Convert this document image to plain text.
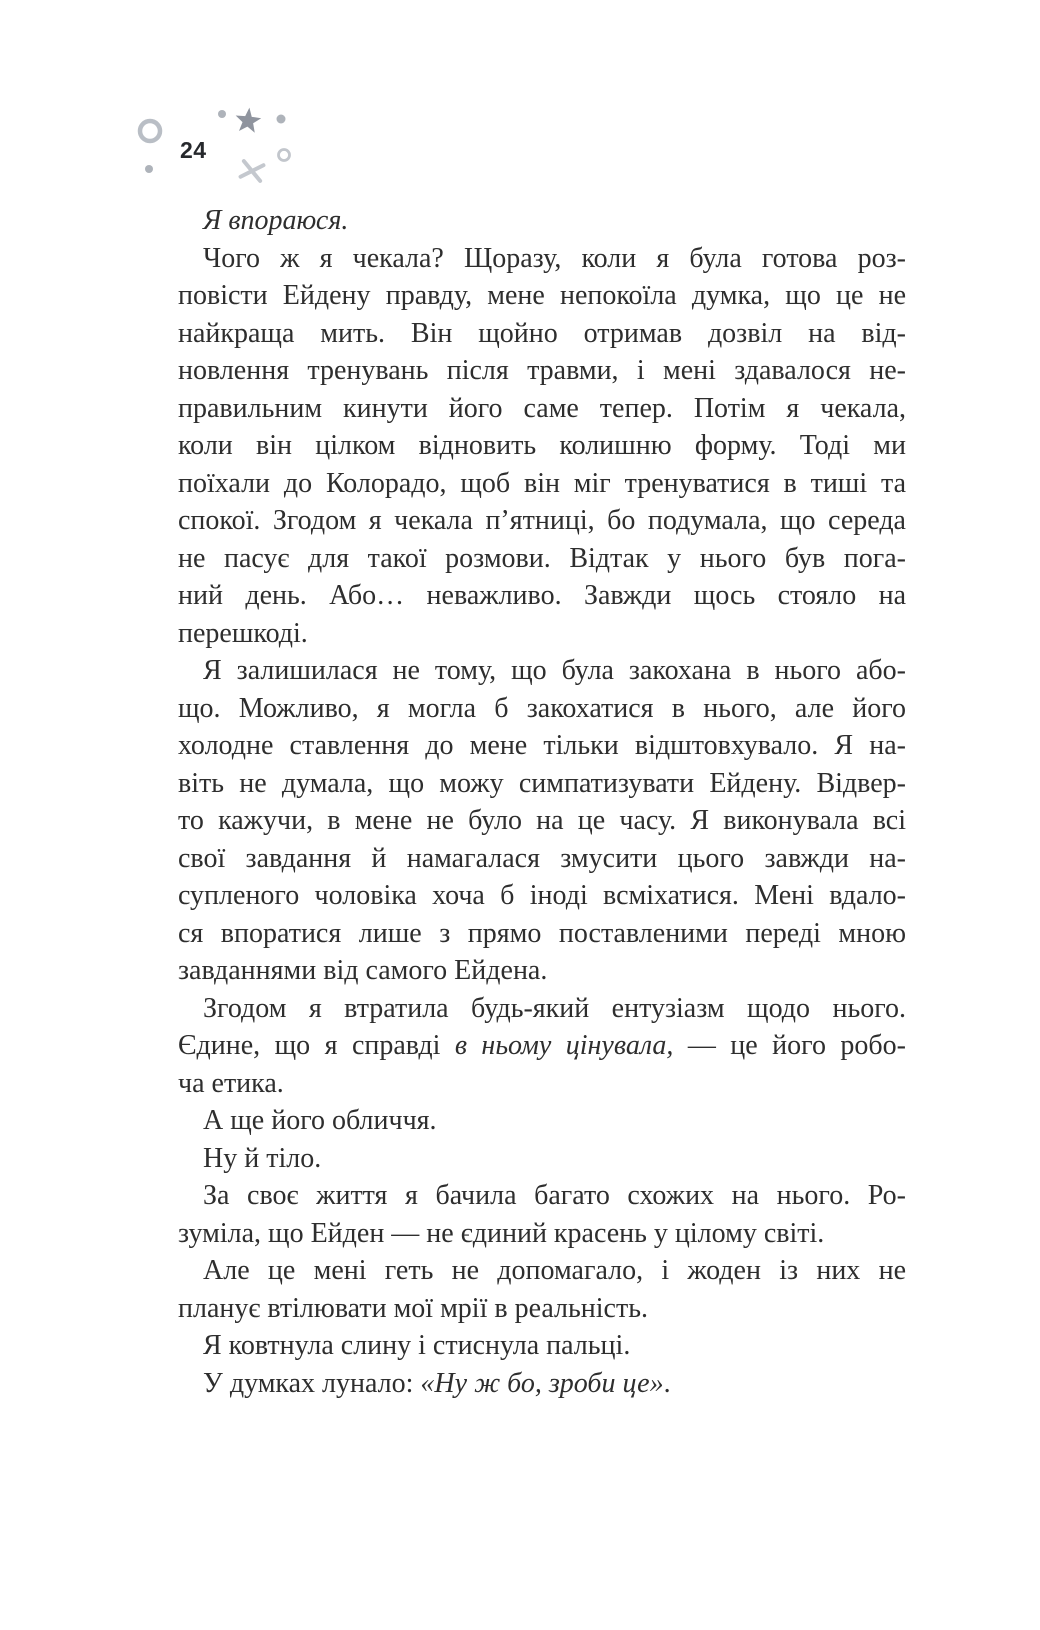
24
Я впораюся.
Чого ж я чекала? Щоразу, коли я була готова роз-
повісти Ейдену правду, мене непокоїла думка, що це не
найкраща мить. Він щойно отримав дозвіл на від-
новлення тренувань після травми, і мені здавалося не-
правильним кинути його саме тепер. Потім я чекала,
коли він цілком відновить колишню форму. Тоді ми
поїхали до Колорадо, щоб він міг тренуватися в тиші та
спокої. Згодом я чекала п’ятниці, бо подумала, що середа
не пасує для такої розмови. Відтак у нього був пога-
ний день. Або… неважливо. Завжди щось стояло на
перешкоді.
Я залишилася не тому, що була закохана в нього або-
що. Можливо, я могла б закохатися в нього, але його
холодне ставлення до мене тільки відштовхувало. Я на-
віть не думала, що можу симпатизувати Ейдену. Відвер-
то кажучи, в мене не було на це часу. Я виконувала всі
свої завдання й намагалася змусити цього завжди на-
супленого чоловіка хоча б іноді всміхатися. Мені вдало-
ся впоратися лише з прямо поставленими переді мною
завданнями від самого Ейдена.
Згодом я втратила будь-який ентузіазм щодо нього.
Єдине, що я справді в ньому цінувала, — це його робо-
ча етика.
А ще його обличчя.
Ну й тіло.
За своє життя я бачила багато схожих на нього. Ро-
зуміла, що Ейден — не єдиний красень у цілому світі.
Але це мені геть не допомагало, і жоден із них не
планує втілювати мої мрії в реальність.
Я ковтнула слину і стиснула пальці.
У думках лунало: «Ну ж бо, зроби це».
